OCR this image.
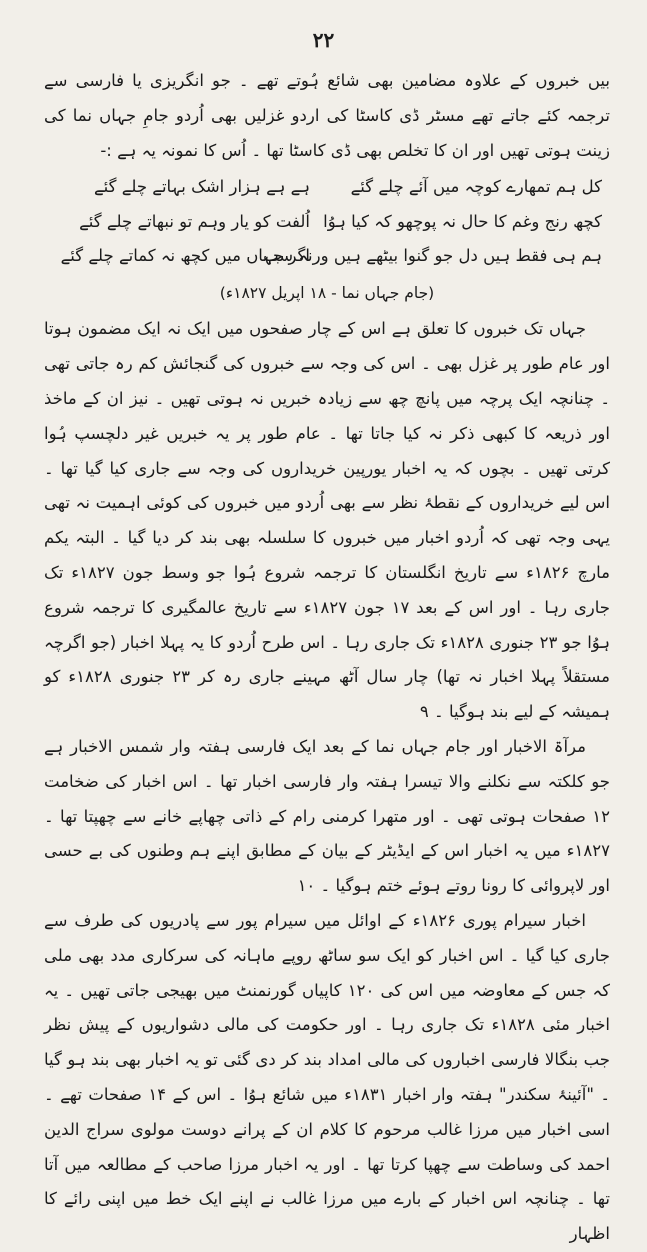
۲۲

بیں خبروں کے علاوہ مضامین بھی شائع ہُوتے تھے ۔ جو انگریزی یا فارسی سے ترجمہ کئے جاتے تھے مسٹر ڈی کاسٹا کی اردو غزلیں بھی اُردو جامِ جہاں نما کی زینت ہوتی تھیں اور ان کا تخلص بھی ڈی کاسٹا تھا ۔ اُس کا نمونہ یہ ہے :-

کل ہم تمھارے کوچہ میں آئے چلے گئے
کچھ رنج وغم کا حال نہ پوچھو کہ کیا ہوُا
ہم ہی فقط ہیں دل جو گنوا بیٹھے ہیں ورنہ سب
ہے ہے ہزار اشک بہاتے چلے گئے
اُلفت کو یار وہم تو نبھاتے چلے گئے
اگر جہاں میں کچھ نہ کماتے چلے گئے
(جام جہاں نما - ۱۸ اپریل ۱۸۲۷ء)

جہاں تک خبروں کا تعلق ہے اس کے چار صفحوں میں ایک نہ ایک مضمون ہوتا اور عام طور پر غزل بھی ۔ اس کی وجہ سے خبروں کی گنجائش کم رہ جاتی تھی ۔ چنانچہ ایک پرچہ میں پانچ چھ سے زیادہ خبریں نہ ہوتی تھیں ۔ نیز ان کے ماخذ اور ذریعہ کا کبھی ذکر نہ کیا جاتا تھا ۔ عام طور پر یہ خبریں غیر دلچسپ ہُوا کرتی تھیں ۔ بچوں کہ یہ اخبار یورپین خریداروں کی وجہ سے جاری کیا گیا تھا ۔ اس لیے خریداروں کے نقطۂ نظر سے بھی اُردو میں خبروں کی کوئی اہمیت نہ تھی یہی وجہ تھی کہ اُردو اخبار میں خبروں کا سلسلہ بھی بند کر دیا گیا ۔ البتہ یکم مارچ ۱۸۲۶ء سے تاریخ انگلستان کا ترجمہ شروع ہُوا جو وسط جون ۱۸۲۷ء تک جاری رہا ۔ اور اس کے بعد ۱۷ جون ۱۸۲۷ء سے تاریخ عالمگیری کا ترجمہ شروع ہوُا جو ۲۳ جنوری ۱۸۲۸ء تک جاری رہا ۔ اس طرح اُردو کا یہ پہلا اخبار (جو اگرچہ مستقلاً پہلا اخبار نہ تھا) چار سال آٹھ مہینے جاری رہ کر ۲۳ جنوری ۱۸۲۸ء کو ہمیشہ کے لیے بند ہوگیا ۔ ۹

مرآۃ الاخبار اور جام جہاں نما کے بعد ایک فارسی ہفتہ وار شمس الاخبار ہے جو کلکتہ سے نکلنے والا تیسرا ہفتہ وار فارسی اخبار تھا ۔ اس اخبار کی ضخامت ۱۲ صفحات ہوتی تھی ۔ اور متھرا کرمنی رام کے ذاتی چھاپے خانے سے چھپتا تھا ۔ ۱۸۲۷ء میں یہ اخبار اس کے ایڈیٹر کے بیان کے مطابق اپنے ہم وطنوں کی بے حسی اور لاپروائی کا رونا روتے ہوئے ختم ہوگیا ۔ ۱۰

اخبار سیرام پوری ۱۸۲۶ء کے اوائل میں سیرام پور سے پادریوں کی طرف سے جاری کیا گیا ۔ اس اخبار کو ایک سو ساٹھ روپے ماہانہ کی سرکاری مدد بھی ملی کہ جس کے معاوضہ میں اس کی ۱۲۰ کاپیاں گورنمنٹ میں بھیجی جاتی تھیں ۔ یہ اخبار مئی ۱۸۲۸ء تک جاری رہا ۔ اور حکومت کی مالی دشواریوں کے پیش نظر جب بنگالا فارسی اخباروں کی مالی امداد بند کر دی گئی تو یہ اخبار بھی بند ہو گیا ۔ "آئینۂ سکندر" ہفتہ وار اخبار ۱۸۳۱ء میں شائع ہوُا ۔ اس کے ۱۴ صفحات تھے ۔ اسی اخبار میں مرزا غالب مرحوم کا کلام ان کے پرانے دوست مولوی سراج الدین احمد کی وساطت سے چھپا کرتا تھا ۔ اور یہ اخبار مرزا صاحب کے مطالعہ میں آتا تھا ۔ چنانچہ اس اخبار کے بارے میں مرزا غالب نے اپنے ایک خط میں اپنی رائے کا اظہار
